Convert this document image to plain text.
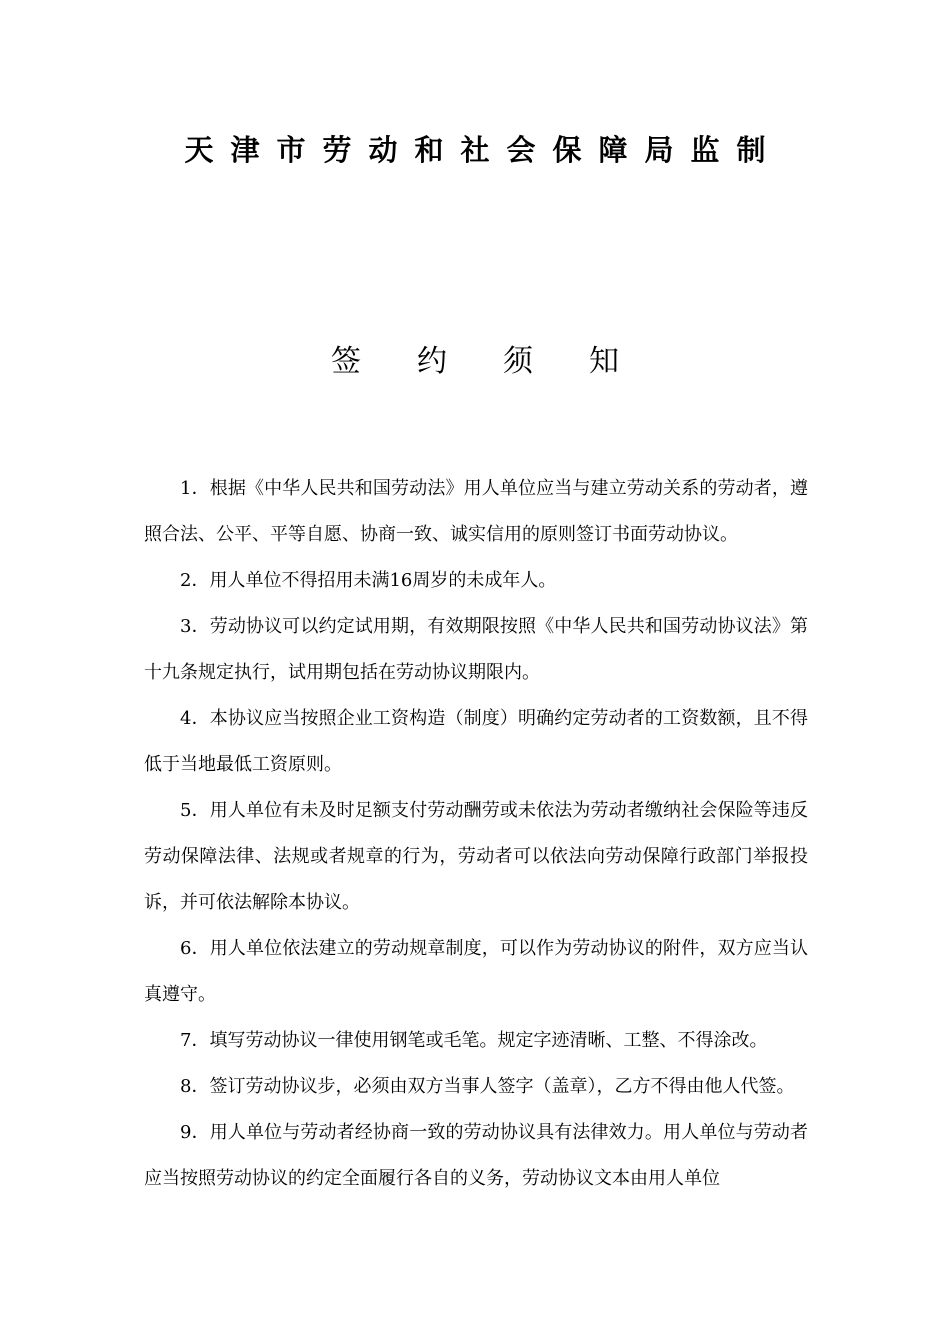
天津市劳动和社会保障局监制
签约须知

1．根据《中华人民共和国劳动法》用人单位应当与建立劳动关系的劳动者，遵照合法、公平、平等自愿、协商一致、诚实信用的原则签订书面劳动协议。

2．用人单位不得招用未满16周岁的未成年人。

3．劳动协议可以约定试用期，有效期限按照《中华人民共和国劳动协议法》第十九条规定执行，试用期包括在劳动协议期限内。

4．本协议应当按照企业工资构造（制度）明确约定劳动者的工资数额，且不得低于当地最低工资原则。

5．用人单位有未及时足额支付劳动酬劳或未依法为劳动者缴纳社会保险等违反劳动保障法律、法规或者规章的行为，劳动者可以依法向劳动保障行政部门举报投诉，并可依法解除本协议。

6．用人单位依法建立的劳动规章制度，可以作为劳动协议的附件，双方应当认真遵守。

7．填写劳动协议一律使用钢笔或毛笔。规定字迹清晰、工整、不得涂改。

8．签订劳动协议步，必须由双方当事人签字（盖章），乙方不得由他人代签。

9．用人单位与劳动者经协商一致的劳动协议具有法律效力。用人单位与劳动者应当按照劳动协议的约定全面履行各自的义务，劳动协议文本由用人单位
